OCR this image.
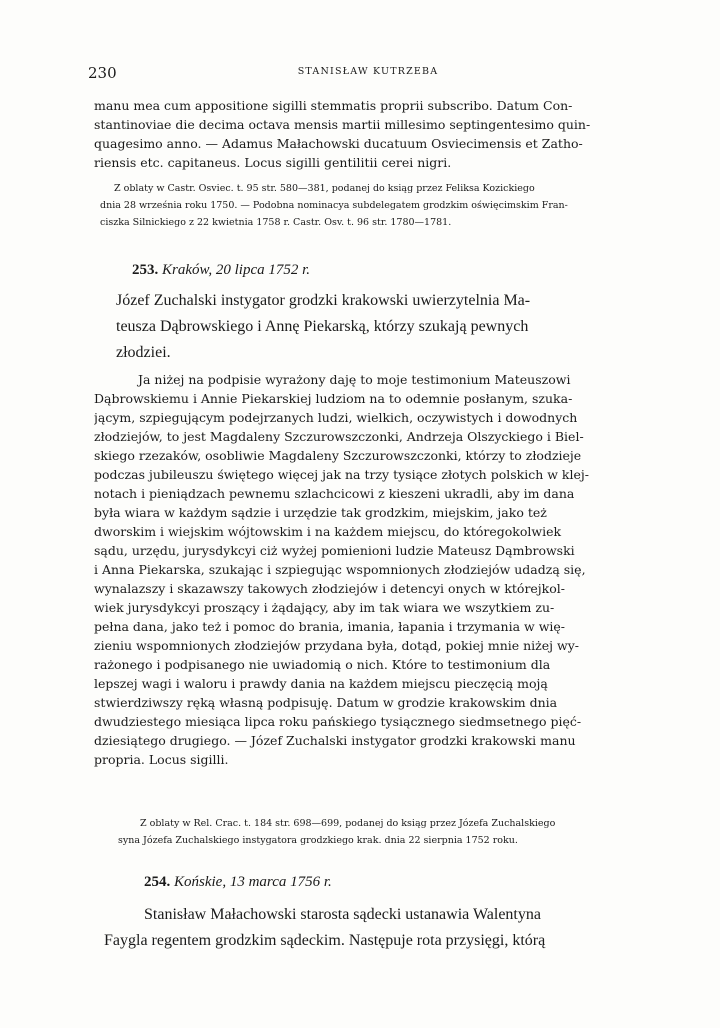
230	STANISŁAW KUTRZEBA
manu mea cum appositione sigilli stemmatis proprii subscribo. Datum Con-
stantinoviae die decima octava mensis martii millesimo septingentesimo quin-
quagesimo anno. — Adamus Małachowski ducatuum Osviecimensis et Zatho-
riensis etc. capitaneus. Locus sigilli gentilitii cerei nigri.
Z oblaty w Castr. Osviec. t. 95 str. 580—381, podanej do ksiąg przez Feliksa Kozickiego
dnia 28 września roku 1750. — Podobna nominacya subdelegatem grodzkim oświęcimskim Fran-
ciszka Silnickiego z 22 kwietnia 1758 r. Castr. Osv. t. 96 str. 1780—1781.
253. Kraków, 20 lipca 1752 r.
Józef Zuchalski instygator grodzki krakowski uwierzytelnia Ma-
teusza Dąbrowskiego i Annę Piekarską, którzy szukają pewnych
złodziei.
Ja niżej na podpisie wyrażony daję to moje testimonium Mateuszowi
Dąbrowskiemu i Annie Piekarskiej ludziom na to odemnie posłanym, szuka-
jącym, szpiegującym podejrzanych ludzi, wielkich, oczywistych i dowodnych
złodziejów, to jest Magdaleny Szczurowszczonki, Andrzeja Olszyckiego i Biel-
skiego rzezaków, osobliwie Magdaleny Szczurowszczonki, którzy to złodzieje
podczas jubileuszu świętego więcej jak na trzy tysiące złotych polskich w klej-
notach i pieniądzach pewnemu szlachcicowi z kieszeni ukradli, aby im dana
była wiara w każdym sądzie i urzędzie tak grodzkim, miejskim, jako też
dworskim i wiejskim wójtowskim i na każdem miejscu, do któregokolwiek
sądu, urzędu, jurysdykcyi ciż wyżej pomienioni ludzie Mateusz Dąmbrowski
i Anna Piekarska, szukając i szpiegując wspomnionych złodziejów udadzą się,
wynalazszy i skazawszy takowych złodziejów i detencyi onych w którejkol-
wiek jurysdykcyi proszący i żądający, aby im tak wiara we wszytkiem zu-
pełna dana, jako też i pomoc do brania, imania, łapania i trzymania w wię-
zieniu wspomnionych złodziejów przydana była, dotąd, pokiej mnie niżej wy-
rażonego i podpisanego nie uwiadomią o nich. Które to testimonium dla
lepszej wagi i waloru i prawdy dania na każdem miejscu pieczęcią moją
stwierdziwszy ręką własną podpisuję. Datum w grodzie krakowskim dnia
dwudziestego miesiąca lipca roku pańskiego tysiącznego siedmsetnego pięć-
dziesiątego drugiego. — Józef Zuchalski instygator grodzki krakowski manu
propria. Locus sigilli.
Z oblaty w Rel. Crac. t. 184 str. 698—699, podanej do ksiąg przez Józefa Zuchalskiego
syna Józefa Zuchalskiego instygatora grodzkiego krak. dnia 22 sierpnia 1752 roku.
254. Końskie, 13 marca 1756 r.
Stanisław Małachowski starosta sądecki ustanawia Walentyna
Faygla regentem grodzkim sądeckim. Następuje rota przysięgi, którą
